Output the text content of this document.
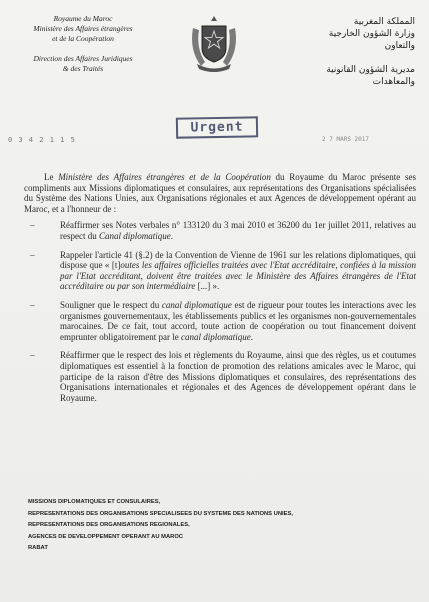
Royaume du Maroc
Ministère des Affaires étrangères
et de la Coopération
Direction des Affaires Juridiques
& des Traités
المملكة المغربية
وزارة الشؤون الخارجية
والتعاون
مديرية الشؤون القانونية
والمعاهدات
0 3 4 2 1 1 5
Urgent
2 7 MARS 2017

Le Ministère des Affaires étrangères et de la Coopération du Royaume du Maroc présente ses compliments aux Missions diplomatiques et consulaires, aux représentations des Organisations spécialisées du Système des Nations Unies, aux Organisations régionales et aux Agences de développement opérant au Maroc, et a l'honneur de :

–	Réaffirmer ses Notes verbales n° 133120 du 3 mai 2010 et 36200 du 1er juillet 2011, relatives au respect du Canal diplomatique.

–	Rappeler l'article 41 (§.2) de la Convention de Vienne de 1961 sur les relations diplomatiques, qui dispose que « [t]outes les affaires officielles traitées avec l'Etat accréditaire, confiées à la mission par l'Etat accréditant, doivent être traitées avec le Ministère des Affaires étrangères de l'Etat accréditaire ou par son intermédiaire [...] ».

–	Souligner que le respect du canal diplomatique est de rigueur pour toutes les interactions avec les organismes gouvernementaux, les établissements publics et les organismes non-gouvernementales marocaines. De ce fait, tout accord, toute action de coopération ou tout financement doivent emprunter obligatoirement par le canal diplomatique.

–	Réaffirmer que le respect des lois et règlements du Royaume, ainsi que des règles, us et coutumes diplomatiques est essentiel à la fonction de promotion des relations amicales avec le Maroc, qui participe de la raison d'être des Missions diplomatiques et consulaires, des représentations des Organisations internationales et régionales et des Agences de développement opérant dans le Royaume.

MISSIONS DIPLOMATIQUES ET CONSULAIRES,
REPRESENTATIONS DES ORGANISATIONS SPECIALISEES DU SYSTEME DES NATIONS UNIES,
REPRESENTATIONS DES ORGANISATIONS REGIONALES,
AGENCES DE DEVELOPPEMENT OPERANT AU MAROC
RABAT
